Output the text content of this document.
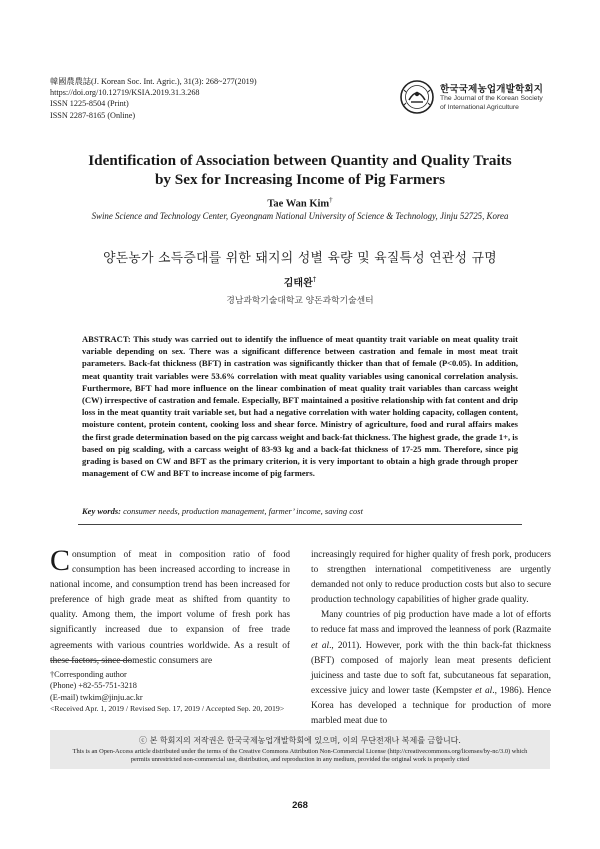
韓國農農誌(J. Korean Soc. Int. Agric.), 31(3): 268~277(2019)
https://doi.org/10.12719/KSIA.2019.31.3.268
ISSN 1225-8504 (Print)
ISSN 2287-8165 (Online)
한국국제농업개발학회지
The Journal of the Korean Society
of International Agriculture
Identification of Association between Quantity and Quality Traits
by Sex for Increasing Income of Pig Farmers
Tae Wan Kim†
Swine Science and Technology Center, Gyeongnam National University of Science & Technology, Jinju 52725, Korea
양돈농가 소득증대를 위한 돼지의 성별 육량 및 육질특성 연관성 규명
김태완†
경남과학기술대학교 양돈과학기술센터
ABSTRACT: This study was carried out to identify the influence of meat quantity trait variable on meat quality trait variable depending on sex. There was a significant difference between castration and female in most meat trait parameters. Back-fat thickness (BFT) in castration was significantly thicker than that of female (P<0.05). In addition, meat quantity trait variables were 53.6% correlation with meat quality variables using canonical correlation analysis. Furthermore, BFT had more influence on the linear combination of meat quality trait variables than carcass weight (CW) irrespective of castration and female. Especially, BFT maintained a positive relationship with fat content and drip loss in the meat quantity trait variable set, but had a negative correlation with water holding capacity, collagen content, moisture content, protein content, cooking loss and shear force. Ministry of agriculture, food and rural affairs makes the first grade determination based on the pig carcass weight and back-fat thickness. The highest grade, the grade 1+, is based on pig scalding, with a carcass weight of 83-93 kg and a back-fat thickness of 17-25 mm. Therefore, since pig grading is based on CW and BFT as the primary criterion, it is very important to obtain a high grade through proper management of CW and BFT to increase income of pig farmers.
Key words: consumer needs, production management, farmer’ income, saving cost

Consumption of meat in composition ratio of food consumption has been increased according to increase in national income, and consumption trend has been increased for preference of high grade meat as shifted from quantity to quality. Among them, the import volume of fresh pork has significantly increased due to expansion of free trade agreements with various countries worldwide. As a result of these factors, since domestic consumers are

increasingly required for higher quality of fresh pork, producers to strengthen international competitiveness are urgently demanded not only to reduce production costs but also to secure production technology capabilities of higher grade quality.

Many countries of pig production have made a lot of efforts to reduce fat mass and improved the leanness of pork (Razmaite et al., 2011). However, pork with the thin back-fat thickness (BFT) composed of majorly lean meat presents deficient juiciness and taste due to soft fat, subcutaneous fat separation, excessive juicy and lower taste (Kempster et al., 1986). Hence Korea has developed a technique for production of more marbled meat due to

†Corresponding author
(Phone) +82-55-751-3218
(E-mail) twkim@jinju.ac.kr
<Received Apr. 1, 2019 / Revised Sep. 17, 2019 / Accepted Sep. 20, 2019>
ⓒ 본 학회지의 저작권은 한국국제농업개발학회에 있으며, 이의 무단전재나 복제를 금합니다.
This is an Open-Access article distributed under the terms of the Creative Commons Attribution Non-Commercial License (http://creativecommons.org/licenses/by-nc/3.0) which
permits unrestricted non-commercial use, distribution, and reproduction in any medium, provided the original work is properly cited
268
